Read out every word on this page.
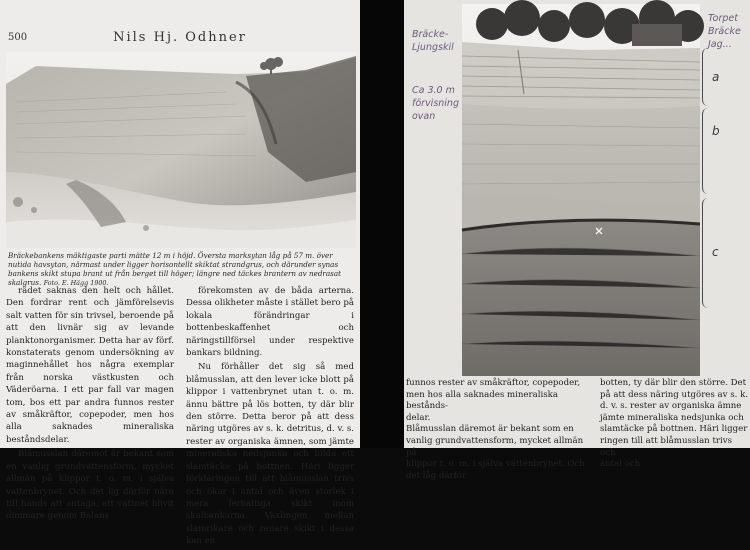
500	Nils Hj. Odhner
Bräckebankens mäktigaste parti mätte 12 m i höjd. Översta marksytan låg på 57 m. över nutida havsytan, närmast under ligger horisontellt skiktat strandgrus, och därunder synas bankens skikt stupa brant ut från berget till höger; längre ned täckes brantern av nedrasat skalgrus. Foto. E. Hägg 1900.

rädet saknas den helt och hållet. Den fordrar rent och jämförelsevis salt vatten för sin trivsel, beroende på att den livnär sig av levande planktonorganismer. Detta har av förf. konstaterats genom undersökning av maginnehållet hos några exemplar från norska västkusten och Väderöarna. I ett par fall var magen tom, bos ett par andra funnos rester av småkräftor, copepoder, men hos alla saknades mineraliska beståndsdelar.

Blåmusslan däremot är bekant som en vanlig grundvattensform, mycket allmän på klippor t. o. m. i själva vattenbrynet. Och det lig därför nära till hands att antaga, att vattnet blivit dimmare genom Balans

förekomsten av de båda arterna. Dessa olikheter måste i stället bero på lokala förändringar i bottenbeskaffenhet och näringstillförsel under respektive bankars bildning.

Nu förhåller det sig så med blåmusslan, att den lever icke blott på klippor i vattenbrynet utan t. o. m. ännu bättre på lös botten, ty där blir den större. Detta beror på att dess näring utgöres av s. k. detritus, d. v. s. rester av organiska ämnen, som jämte mineraliska nedsjunka och bilda ett slamtäcke på bottnen. Häri ligger förklaringen till att blåmusslan trivs och ökar i antal och även storlek i mera lerhaltiga skikt inom skalbankarna. Växlingen mellan slamrikare och renare skikt i dessa kan en

Bräcke-
Ljungskil
Ca 3.0 m
förvisning
ovan
Torpet
Bräcke
Jag...
a
b
c

funnos rester av småkräftor, copepoder,

men hos alla saknades mineraliska bestånds-

delar.

Blåmusslan däremot är bekant som en

vanlig grundvattensform, mycket allmän på

klippor t. o. m. i själva vattenbrynet. Och

det låg därför

botten, ty där blir den större. Det

på att dess näring utgöres av s. k.

d. v. s. rester av organiska ämne

jämte mineraliska nedsjunka och

slamtäcke på bottnen. Häri ligger

ringen till att blåmusslan trivs och

antal och
